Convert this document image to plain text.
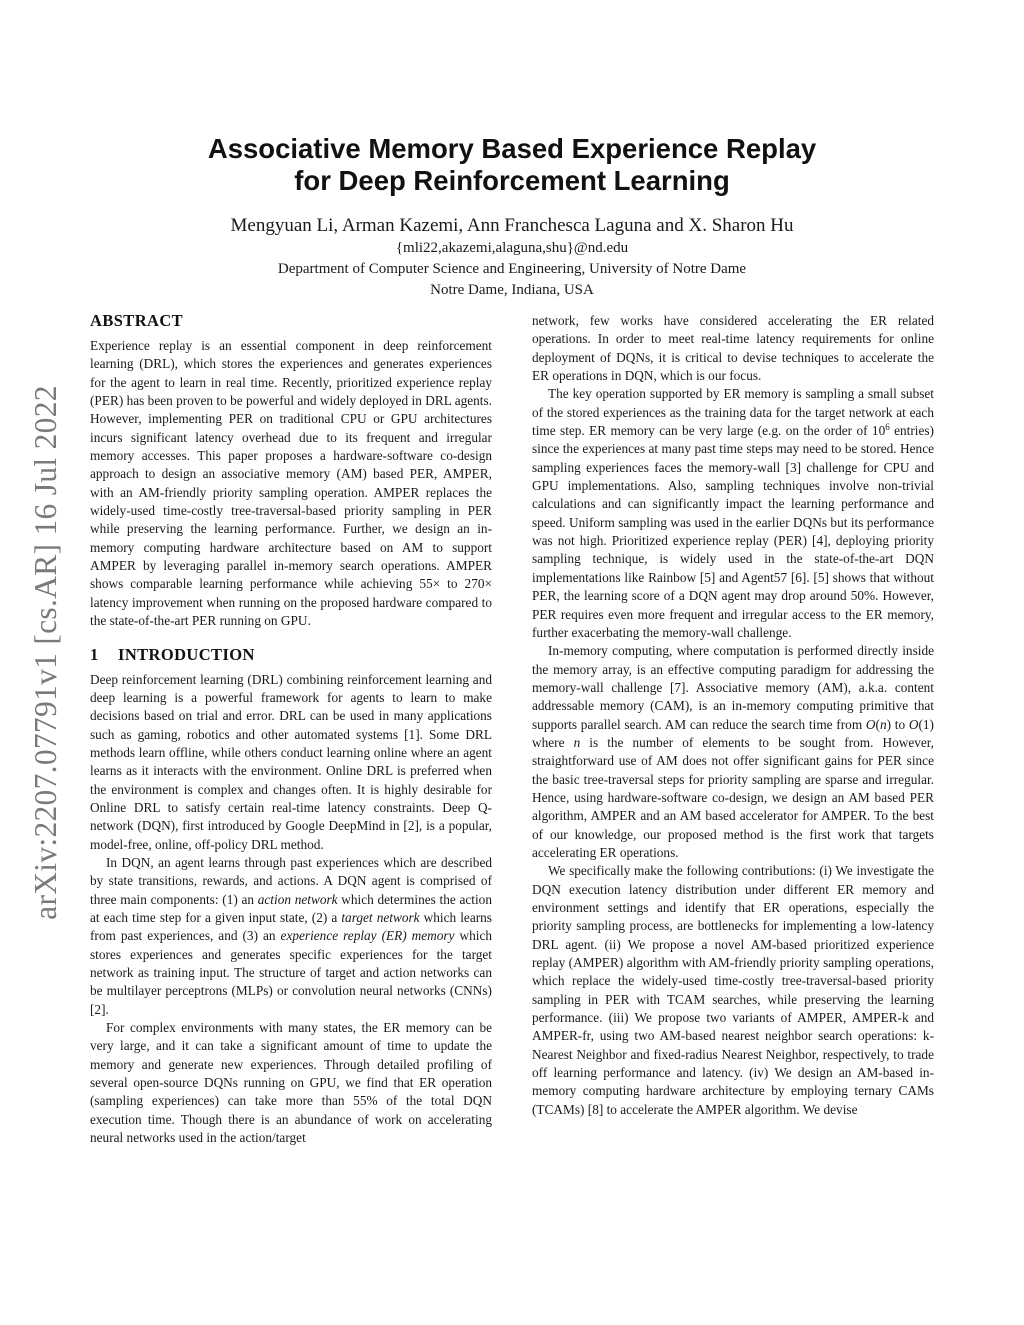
arXiv:2207.07791v1 [cs.AR] 16 Jul 2022
Associative Memory Based Experience Replay
for Deep Reinforcement Learning
Mengyuan Li, Arman Kazemi, Ann Franchesca Laguna and X. Sharon Hu
{mli22,akazemi,alaguna,shu}@nd.edu
Department of Computer Science and Engineering, University of Notre Dame
Notre Dame, Indiana, USA
ABSTRACT

Experience replay is an essential component in deep reinforcement learning (DRL), which stores the experiences and generates experiences for the agent to learn in real time. Recently, prioritized experience replay (PER) has been proven to be powerful and widely deployed in DRL agents. However, implementing PER on traditional CPU or GPU architectures incurs significant latency overhead due to its frequent and irregular memory accesses. This paper proposes a hardware-software co-design approach to design an associative memory (AM) based PER, AMPER, with an AM-friendly priority sampling operation. AMPER replaces the widely-used time-costly tree-traversal-based priority sampling in PER while preserving the learning performance. Further, we design an in-memory computing hardware architecture based on AM to support AMPER by leveraging parallel in-memory search operations. AMPER shows comparable learning performance while achieving 55× to 270× latency improvement when running on the proposed hardware compared to the state-of-the-art PER running on GPU.

1 INTRODUCTION

Deep reinforcement learning (DRL) combining reinforcement learning and deep learning is a powerful framework for agents to learn to make decisions based on trial and error. DRL can be used in many applications such as gaming, robotics and other automated systems [1]. Some DRL methods learn offline, while others conduct learning online where an agent learns as it interacts with the environment. Online DRL is preferred when the environment is complex and changes often. It is highly desirable for Online DRL to satisfy certain real-time latency constraints. Deep Q-network (DQN), first introduced by Google DeepMind in [2], is a popular, model-free, online, off-policy DRL method.

In DQN, an agent learns through past experiences which are described by state transitions, rewards, and actions. A DQN agent is comprised of three main components: (1) an action network which determines the action at each time step for a given input state, (2) a target network which learns from past experiences, and (3) an experience replay (ER) memory which stores experiences and generates specific experiences for the target network as training input. The structure of target and action networks can be multilayer perceptrons (MLPs) or convolution neural networks (CNNs) [2].

For complex environments with many states, the ER memory can be very large, and it can take a significant amount of time to update the memory and generate new experiences. Through detailed profiling of several open-source DQNs running on GPU, we find that ER operation (sampling experiences) can take more than 55% of the total DQN execution time. Though there is an abundance of work on accelerating neural networks used in the action/target

network, few works have considered accelerating the ER related operations. In order to meet real-time latency requirements for online deployment of DQNs, it is critical to devise techniques to accelerate the ER operations in DQN, which is our focus.

The key operation supported by ER memory is sampling a small subset of the stored experiences as the training data for the target network at each time step. ER memory can be very large (e.g. on the order of $10^6$ entries) since the experiences at many past time steps may need to be stored. Hence sampling experiences faces the memory-wall [3] challenge for CPU and GPU implementations. Also, sampling techniques involve non-trivial calculations and can significantly impact the learning performance and speed. Uniform sampling was used in the earlier DQNs but its performance was not high. Prioritized experience replay (PER) [4], deploying priority sampling technique, is widely used in the state-of-the-art DQN implementations like Rainbow [5] and Agent57 [6]. [5] shows that without PER, the learning score of a DQN agent may drop around 50%. However, PER requires even more frequent and irregular access to the ER memory, further exacerbating the memory-wall challenge.

In-memory computing, where computation is performed directly inside the memory array, is an effective computing paradigm for addressing the memory-wall challenge [7]. Associative memory (AM), a.k.a. content addressable memory (CAM), is an in-memory computing primitive that supports parallel search. AM can reduce the search time from O(n) to O(1) where n is the number of elements to be sought from. However, straightforward use of AM does not offer significant gains for PER since the basic tree-traversal steps for priority sampling are sparse and irregular. Hence, using hardware-software co-design, we design an AM based PER algorithm, AMPER and an AM based accelerator for AMPER. To the best of our knowledge, our proposed method is the first work that targets accelerating ER operations.

We specifically make the following contributions: (i) We investigate the DQN execution latency distribution under different ER memory and environment settings and identify that ER operations, especially the priority sampling process, are bottlenecks for implementing a low-latency DRL agent. (ii) We propose a novel AM-based prioritized experience replay (AMPER) algorithm with AM-friendly priority sampling operations, which replace the widely-used time-costly tree-traversal-based priority sampling in PER with TCAM searches, while preserving the learning performance. (iii) We propose two variants of AMPER, AMPER-k and AMPER-fr, using two AM-based nearest neighbor search operations: k-Nearest Neighbor and fixed-radius Nearest Neighbor, respectively, to trade off learning performance and latency. (iv) We design an AM-based in-memory computing hardware architecture by employing ternary CAMs (TCAMs) [8] to accelerate the AMPER algorithm. We devise
